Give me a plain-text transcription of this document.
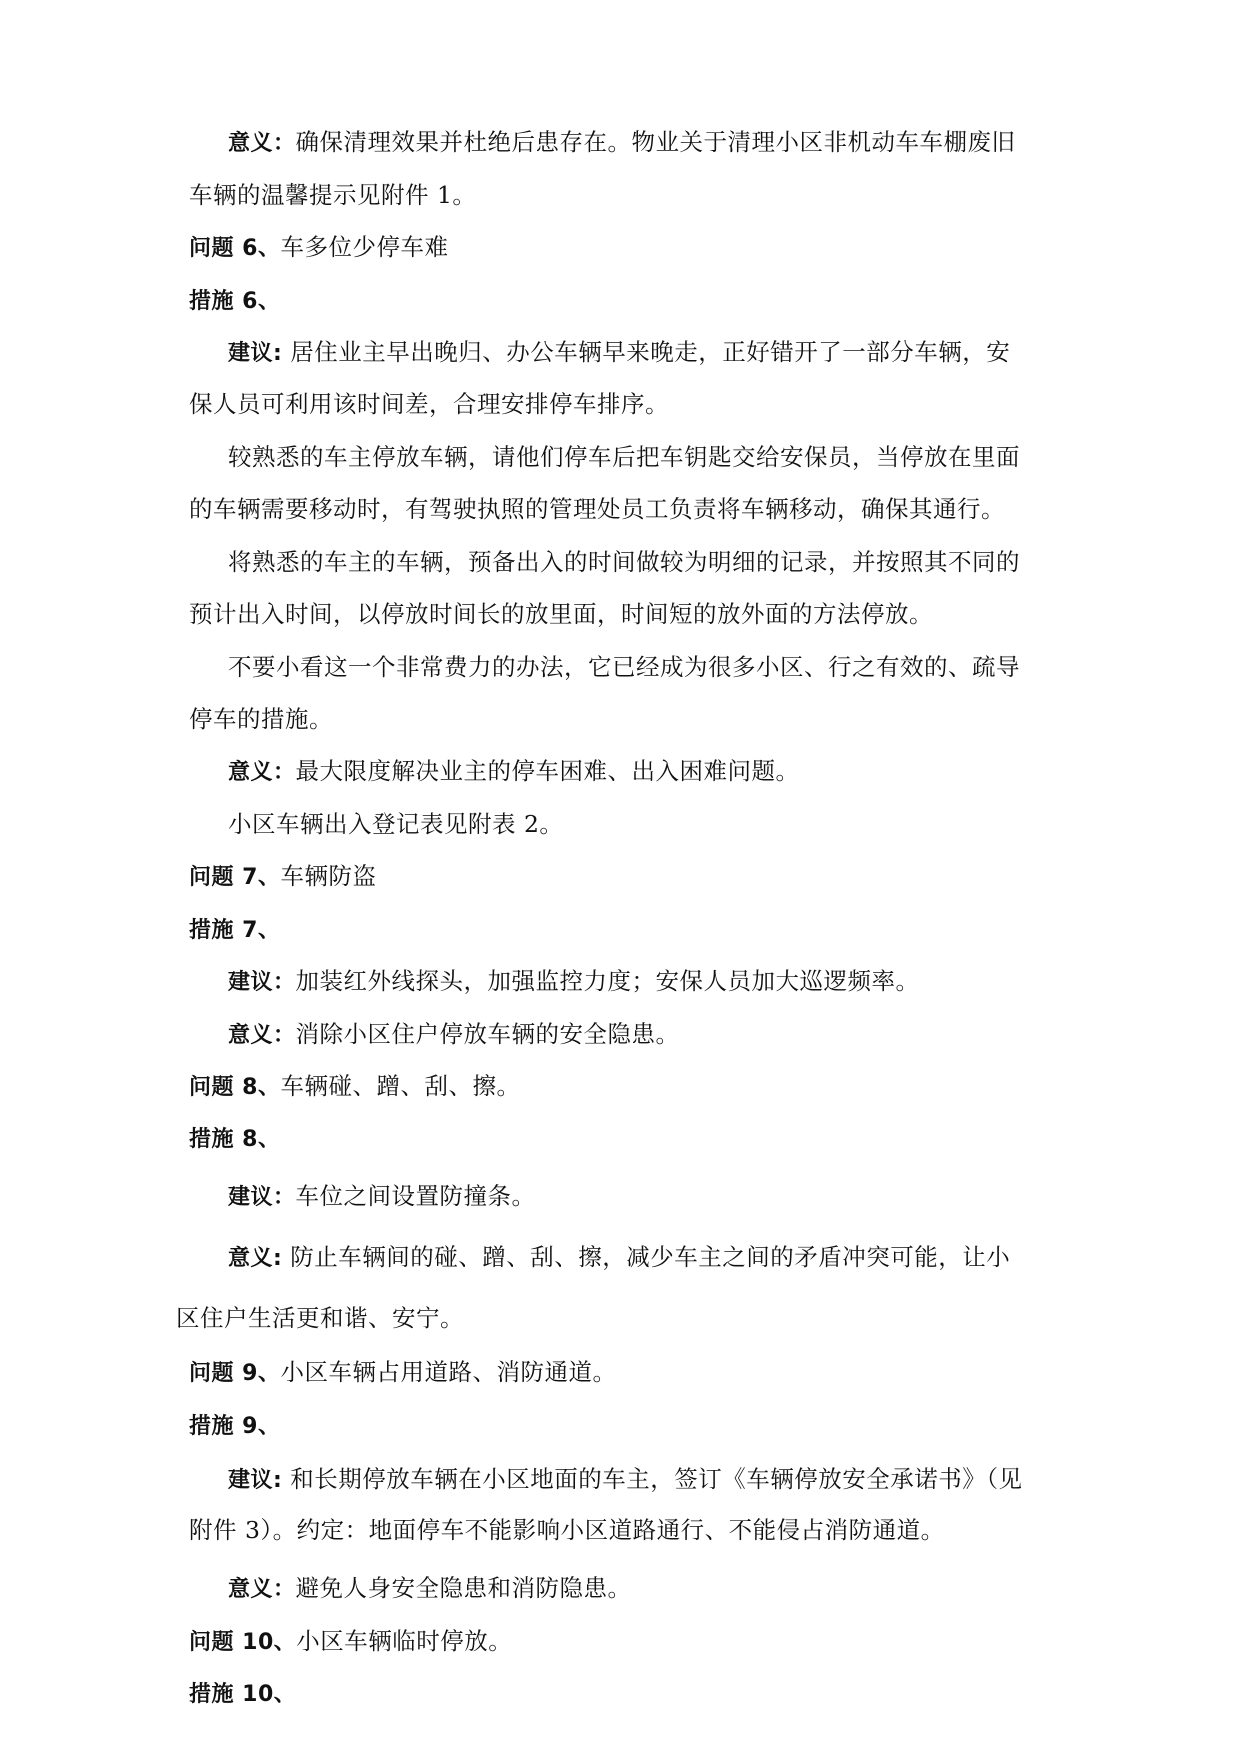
意义：确保清理效果并杜绝后患存在。物业关于清理小区非机动车车棚废旧
车辆的温馨提示见附件 1。
问题 6、车多位少停车难
措施 6、
建议: 居住业主早出晚归、办公车辆早来晚走，正好错开了一部分车辆，安
保人员可利用该时间差，合理安排停车排序。
较熟悉的车主停放车辆，请他们停车后把车钥匙交给安保员，当停放在里面
的车辆需要移动时，有驾驶执照的管理处员工负责将车辆移动，确保其通行。
将熟悉的车主的车辆，预备出入的时间做较为明细的记录，并按照其不同的
预计出入时间，以停放时间长的放里面，时间短的放外面的方法停放。
不要小看这一个非常费力的办法，它已经成为很多小区、行之有效的、疏导
停车的措施。
意义：最大限度解决业主的停车困难、出入困难问题。
小区车辆出入登记表见附表 2。
问题 7、车辆防盗
措施 7、
建议：加装红外线探头，加强监控力度；安保人员加大巡逻频率。
意义：消除小区住户停放车辆的安全隐患。
问题 8、车辆碰、蹭、刮、擦。
措施 8、
建议：车位之间设置防撞条。
意义: 防止车辆间的碰、蹭、刮、擦，减少车主之间的矛盾冲突可能，让小
区住户生活更和谐、安宁。
问题 9、小区车辆占用道路、消防通道。
措施 9、
建议: 和长期停放车辆在小区地面的车主，签订《车辆停放安全承诺书》（见
附件 3）。约定：地面停车不能影响小区道路通行、不能侵占消防通道。
意义：避免人身安全隐患和消防隐患。
问题 10、小区车辆临时停放。
措施 10、
